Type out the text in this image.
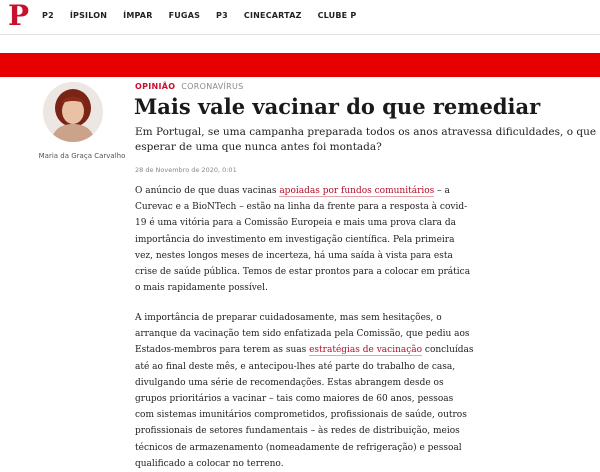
P P2 ÍPSILON ÍMPAR FUGAS P3 CINECARTAZ CLUBE P
Maria da Graça Carvalho
OPINIÃO CORONAVÍRUS
Mais vale vacinar do que remediar

Em Portugal, se uma campanha preparada todos os anos atravessa dificuldades, o que esperar de uma que nunca antes foi montada?

28 de Novembro de 2020, 0:01

O anúncio de que duas vacinas apoiadas por fundos comunitários – a Curevac e a BioNTech – estão na linha da frente para a resposta à covid-19 é uma vitória para a Comissão Europeia e mais uma prova clara da importância do investimento em investigação científica. Pela primeira vez, nestes longos meses de incerteza, há uma saída à vista para esta crise de saúde pública. Temos de estar prontos para a colocar em prática o mais rapidamente possível.

A importância de preparar cuidadosamente, mas sem hesitações, o arranque da vacinação tem sido enfatizada pela Comissão, que pediu aos Estados-membros para terem as suas estratégias de vacinação concluídas até ao final deste mês, e antecipou-lhes até parte do trabalho de casa, divulgando uma série de recomendações. Estas abrangem desde os grupos prioritários a vacinar – tais como maiores de 60 anos, pessoas com sistemas imunitários comprometidos, profissionais de saúde, outros profissionais de setores fundamentais – às redes de distribuição, meios técnicos de armazenamento (nomeadamente de refrigeração) e pessoal qualificado a colocar no terreno.
